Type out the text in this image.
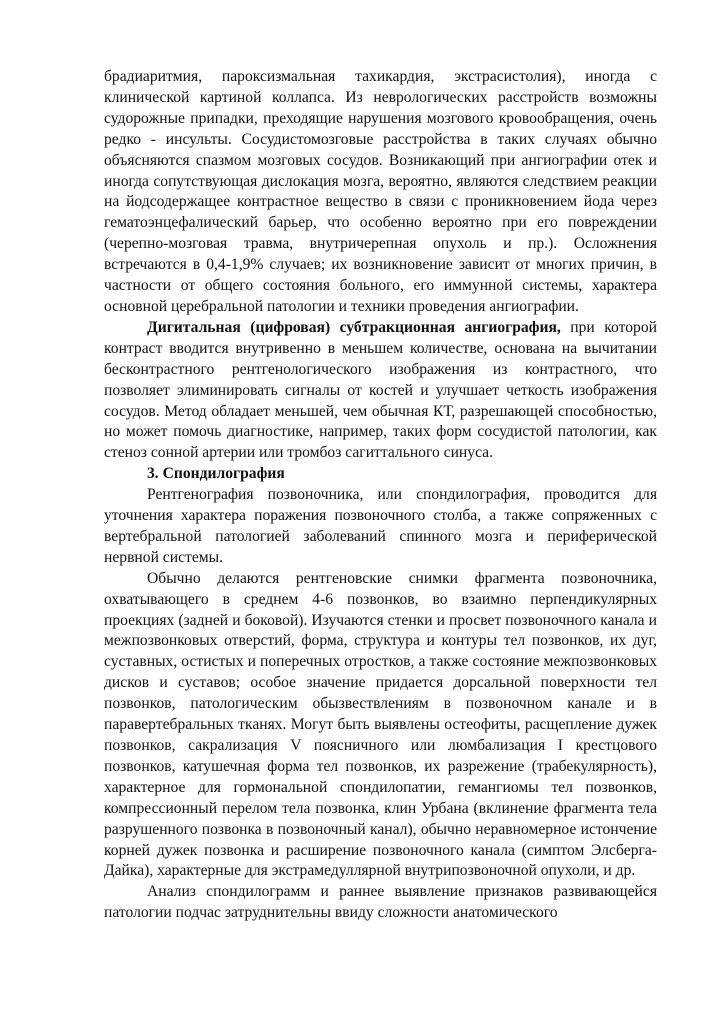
брадиаритмия, пароксизмальная тахикардия, экстрасистолия), иногда с клинической картиной коллапса. Из неврологических расстройств возможны судорожные припадки, преходящие нарушения мозгового кровообращения, очень редко - инсульты. Сосудистомозговые расстройства в таких случаях обычно объясняются спазмом мозговых сосудов. Возникающий при ангиографии отек и иногда сопутствующая дислокация мозга, вероятно, являются следствием реакции на йодсодержащее контрастное вещество в связи с проникновением йода через гематоэнцефалический барьер, что особенно вероятно при его повреждении (черепно-мозговая травма, внутричерепная опухоль и пр.). Осложнения встречаются в 0,4-1,9% случаев; их возникновение зависит от многих причин, в частности от общего состояния больного, его иммунной системы, характера основной церебральной патологии и техники проведения ангиографии.

Дигитальная (цифровая) субтракционная ангиография, при которой контраст вводится внутривенно в меньшем количестве, основана на вычитании бесконтрастного рентгенологического изображения из контрастного, что позволяет элиминировать сигналы от костей и улучшает четкость изображения сосудов. Метод обладает меньшей, чем обычная КТ, разрешающей способностью, но может помочь диагностике, например, таких форм сосудистой патологии, как стеноз сонной артерии или тромбоз сагиттального синуса.

3. Спондилография

Рентгенография позвоночника, или спондилография, проводится для уточнения характера поражения позвоночного столба, а также сопряженных с вертебральной патологией заболеваний спинного мозга и периферической нервной системы.

Обычно делаются рентгеновские снимки фрагмента позвоночника, охватывающего в среднем 4-6 позвонков, во взаимно перпендикулярных проекциях (задней и боковой). Изучаются стенки и просвет позвоночного канала и межпозвонковых отверстий, форма, структура и контуры тел позвонков, их дуг, суставных, остистых и поперечных отростков, а также состояние межпозвонковых дисков и суставов; особое значение придается дорсальной поверхности тел позвонков, патологическим обызвествлениям в позвоночном канале и в паравертебральных тканях. Могут быть выявлены остеофиты, расщепление дужек позвонков, сакрализация V поясничного или люмбализация I крестцового позвонков, катушечная форма тел позвонков, их разрежение (трабекулярность), характерное для гормональной спондилопатии, гемангиомы тел позвонков, компрессионный перелом тела позвонка, клин Урбана (вклинение фрагмента тела разрушенного позвонка в позвоночный канал), обычно неравномерное истончение корней дужек позвонка и расширение позвоночного канала (симптом Элсберга-Дайка), характерные для экстрамедуллярной внутрипозвоночной опухоли, и др.

Анализ спондилограмм и раннее выявление признаков развивающейся патологии подчас затруднительны ввиду сложности анатомического
